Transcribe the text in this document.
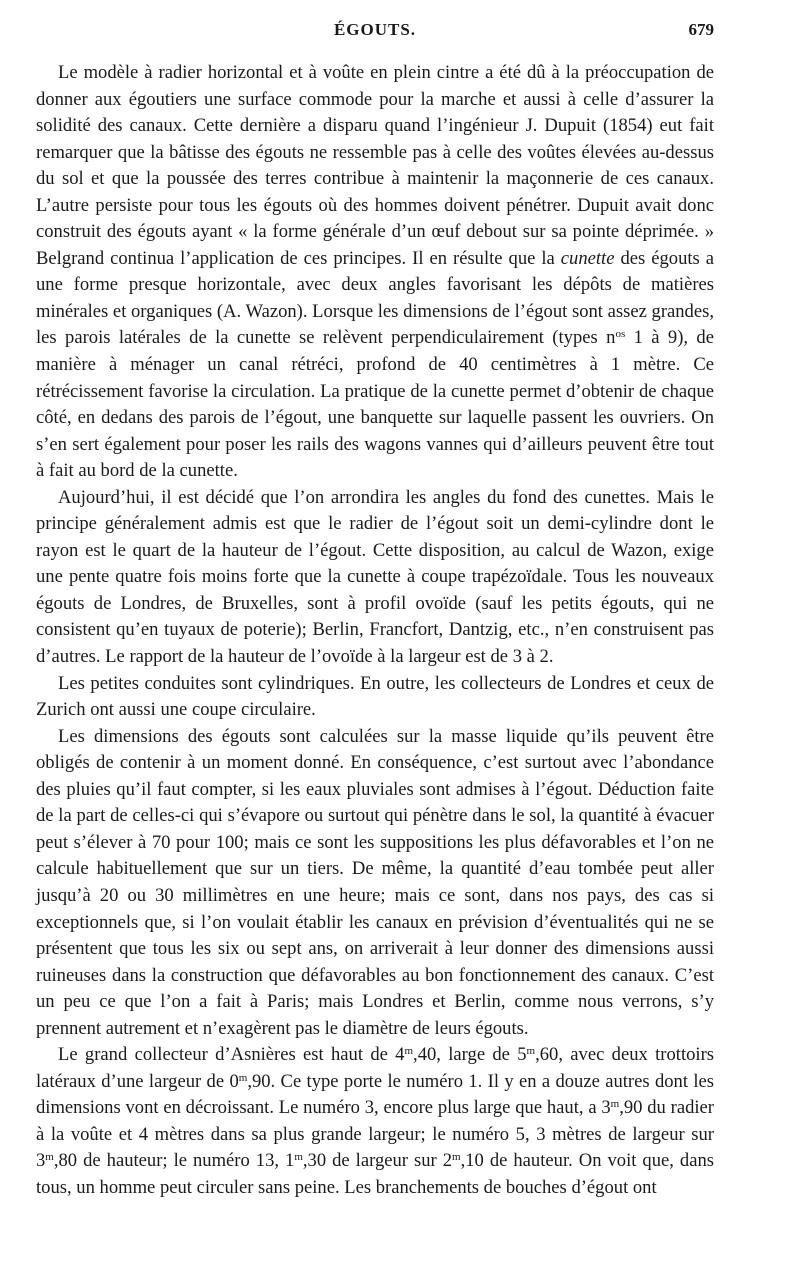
ÉGOUTS.	679

Le modèle à radier horizontal et à voûte en plein cintre a été dû à la préoccupation de donner aux égoutiers une surface commode pour la marche et aussi à celle d’assurer la solidité des canaux. Cette dernière a disparu quand l’ingénieur J. Dupuit (1854) eut fait remarquer que la bâtisse des égouts ne ressemble pas à celle des voûtes élevées au-dessus du sol et que la poussée des terres contribue à maintenir la maçonnerie de ces canaux. L’autre persiste pour tous les égouts où des hommes doivent pénétrer. Dupuit avait donc construit des égouts ayant « la forme générale d’un œuf debout sur sa pointe déprimée. » Belgrand continua l’application de ces principes. Il en résulte que la cunette des égouts a une forme presque horizontale, avec deux angles favorisant les dépôts de matières minérales et organiques (A. Wazon). Lorsque les dimensions de l’égout sont assez grandes, les parois latérales de la cunette se relèvent perpendiculairement (types $n^{os}$ 1 à 9), de manière à ménager un canal rétréci, profond de 40 centimètres à 1 mètre. Ce rétrécissement favorise la circulation. La pratique de la cunette permet d’obtenir de chaque côté, en dedans des parois de l’égout, une banquette sur laquelle passent les ouvriers. On s’en sert également pour poser les rails des wagons vannes qui d’ailleurs peuvent être tout à fait au bord de la cunette.

Aujourd’hui, il est décidé que l’on arrondira les angles du fond des cunettes. Mais le principe généralement admis est que le radier de l’égout soit un demi-cylindre dont le rayon est le quart de la hauteur de l’égout. Cette disposition, au calcul de Wazon, exige une pente quatre fois moins forte que la cunette à coupe trapézoïdale. Tous les nouveaux égouts de Londres, de Bruxelles, sont à profil ovoïde (sauf les petits égouts, qui ne consistent qu’en tuyaux de poterie); Berlin, Francfort, Dantzig, etc., n’en construisent pas d’autres. Le rapport de la hauteur de l’ovoïde à la largeur est de 3 à 2.

Les petites conduites sont cylindriques. En outre, les collecteurs de Londres et ceux de Zurich ont aussi une coupe circulaire.

Les dimensions des égouts sont calculées sur la masse liquide qu’ils peuvent être obligés de contenir à un moment donné. En conséquence, c’est surtout avec l’abondance des pluies qu’il faut compter, si les eaux pluviales sont admises à l’égout. Déduction faite de la part de celles-ci qui s’évapore ou surtout qui pénètre dans le sol, la quantité à évacuer peut s’élever à 70 pour 100; mais ce sont les suppositions les plus défavorables et l’on ne calcule habituellement que sur un tiers. De même, la quantité d’eau tombée peut aller jusqu’à 20 ou 30 millimètres en une heure; mais ce sont, dans nos pays, des cas si exceptionnels que, si l’on voulait établir les canaux en prévision d’éventualités qui ne se présentent que tous les six ou sept ans, on arriverait à leur donner des dimensions aussi ruineuses dans la construction que défavorables au bon fonctionnement des canaux. C’est un peu ce que l’on a fait à Paris; mais Londres et Berlin, comme nous verrons, s’y prennent autrement et n’exagèrent pas le diamètre de leurs égouts.

Le grand collecteur d’Asnières est haut de 4$^m$,40, large de 5$^m$,60, avec deux trottoirs latéraux d’une largeur de 0$^m$,90. Ce type porte le numéro 1. Il y en a douze autres dont les dimensions vont en décroissant. Le numéro 3, encore plus large que haut, a 3$^m$,90 du radier à la voûte et 4 mètres dans sa plus grande largeur; le numéro 5, 3 mètres de largeur sur 3$^m$,80 de hauteur; le numéro 13, 1$^m$,30 de largeur sur 2$^m$,10 de hauteur. On voit que, dans tous, un homme peut circuler sans peine. Les branchements de bouches d’égout ont
